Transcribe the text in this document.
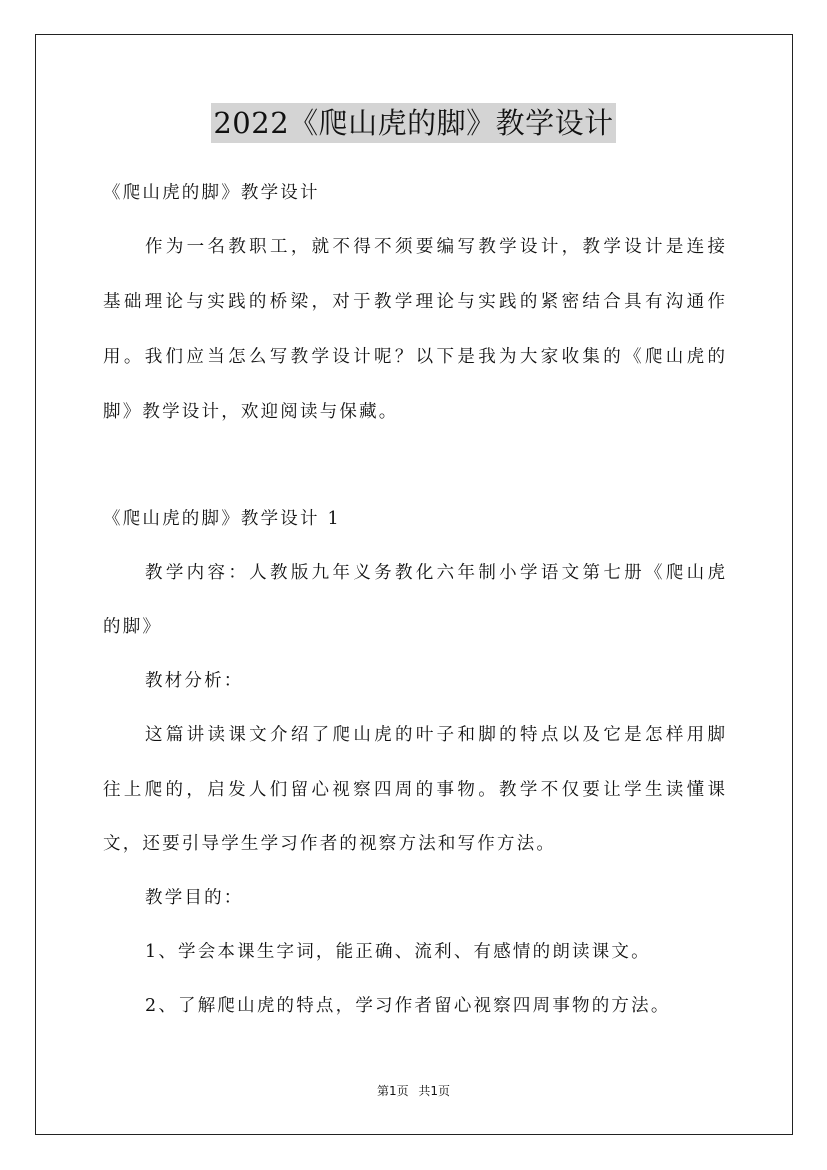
2022《爬山虎的脚》教学设计
《爬山虎的脚》教学设计
作为一名教职工，就不得不须要编写教学设计，教学设计是连接
基础理论与实践的桥梁，对于教学理论与实践的紧密结合具有沟通作
用。我们应当怎么写教学设计呢？以下是我为大家收集的《爬山虎的
脚》教学设计，欢迎阅读与保藏。
《爬山虎的脚》教学设计 1
教学内容：人教版九年义务教化六年制小学语文第七册《爬山虎
的脚》
教材分析：
这篇讲读课文介绍了爬山虎的叶子和脚的特点以及它是怎样用脚
往上爬的，启发人们留心视察四周的事物。教学不仅要让学生读懂课
文，还要引导学生学习作者的视察方法和写作方法。
教学目的：
1、学会本课生字词，能正确、流利、有感情的朗读课文。
2、了解爬山虎的特点，学习作者留心视察四周事物的方法。
第1页 共1页
